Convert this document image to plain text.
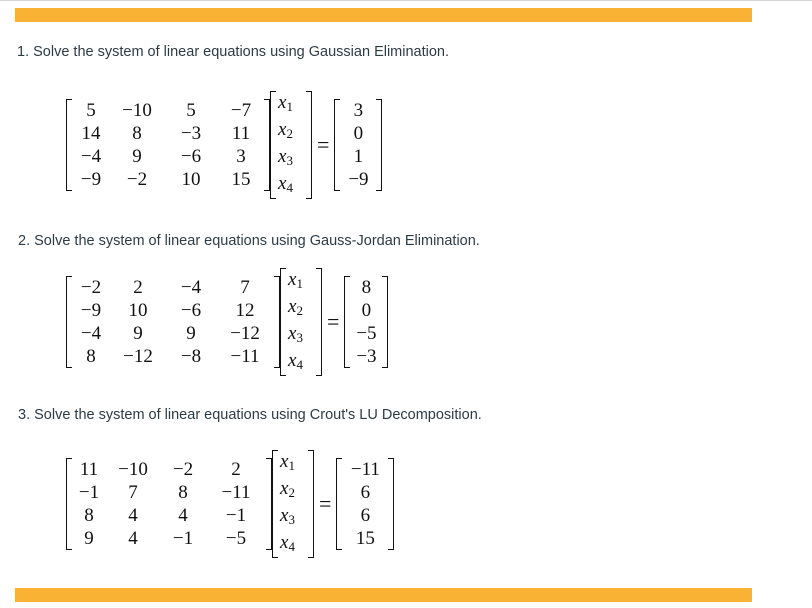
1. Solve the system of linear equations using Gaussian Elimination.
5	−10	5	−7
14	8	−3	11
−4	9	−6	3
−9	−2	10	15
$x_1$
$x_2$
$x_3$
$x_4$
=
3
0
1
−9
2. Solve the system of linear equations using Gauss-Jordan Elimination.
−2	2	−4	7
−9	10	−6	12
−4	9	9	−12
8	−12	−8	−11
$x_1$
$x_2$
$x_3$
$x_4$
=
8
0
−5
−3
3. Solve the system of linear equations using Crout's LU Decomposition.
11	−10	−2	2
−1	7	8	−11
8	4	4	−1
9	4	−1	−5
$x_1$
$x_2$
$x_3$
$x_4$
=
−11
6
6
15
